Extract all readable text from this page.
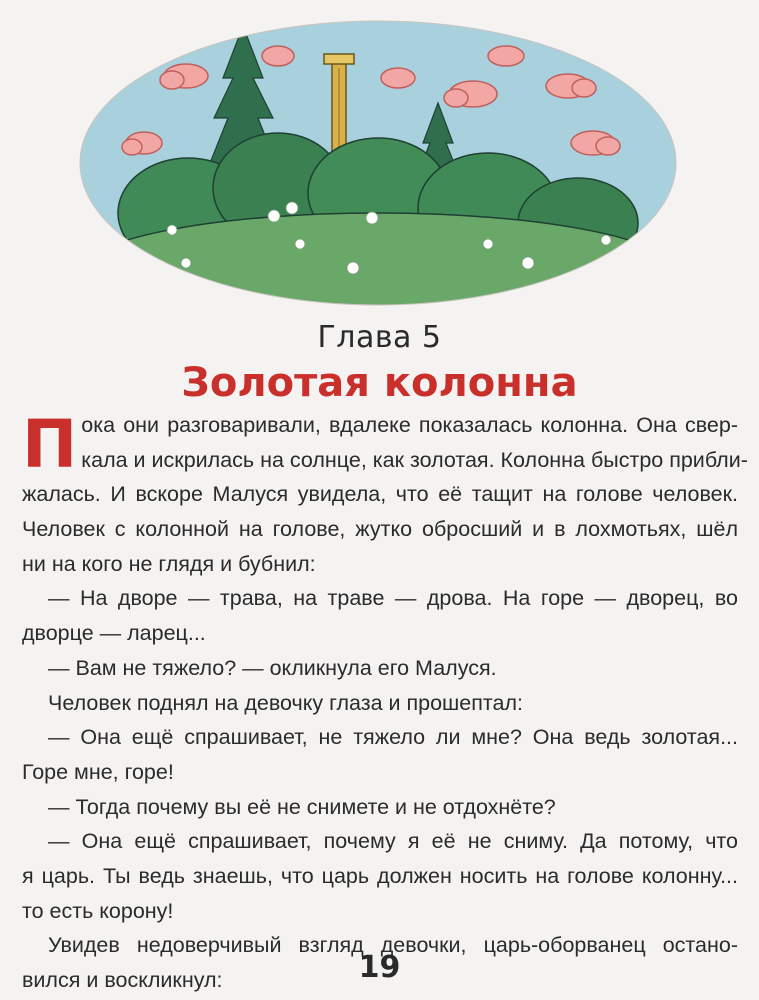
Глава 5
Золотая колонна
П ока они разговаривали, вдалеке показалась колонна. Она свер-
кала и искрилась на солнце, как золотая. Колонна быстро прибли-
жалась. И вскоре Малуся увидела, что её тащит на голове человек.
Человек с колонной на голове, жутко обросший и в лохмотьях, шёл
ни на кого не глядя и бубнил:
— На дворе — трава, на траве — дрова. На горе — дворец, во
дворце — ларец...
— Вам не тяжело? — окликнула его Малуся.
Человек поднял на девочку глаза и прошептал:
— Она ещё спрашивает, не тяжело ли мне? Она ведь золотая...
Горе мне, горе!
— Тогда почему вы её не снимете и не отдохнёте?
— Она ещё спрашивает, почему я её не сниму. Да потому, что
я царь. Ты ведь знаешь, что царь должен носить на голове колонну...
то есть корону!
Увидев недоверчивый взгляд девочки, царь-оборванец остано-
вился и воскликнул:	19
